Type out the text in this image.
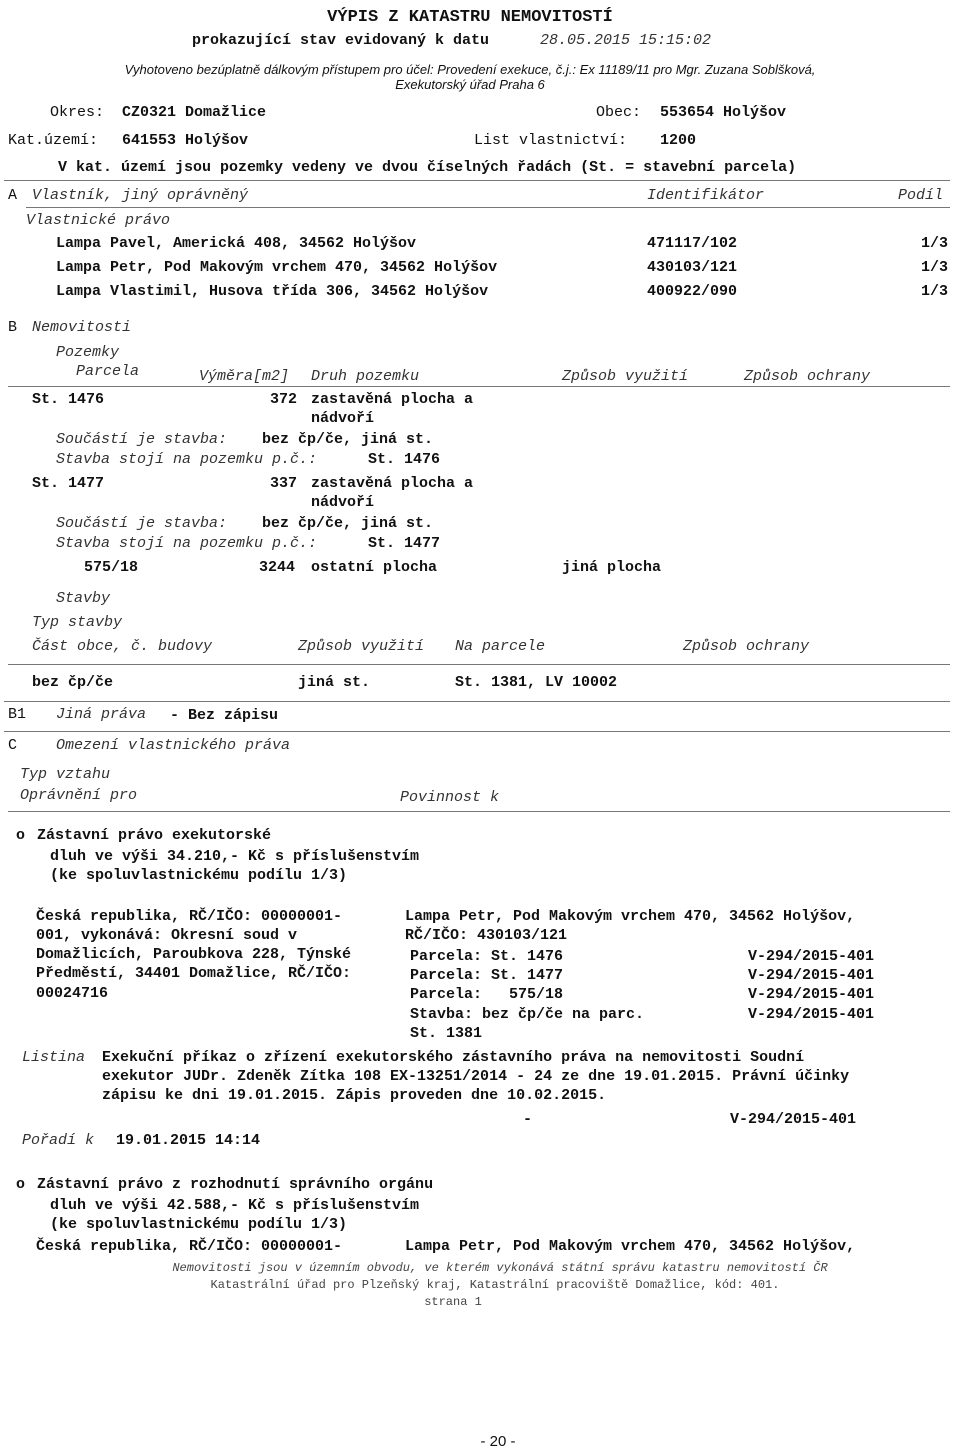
VÝPIS Z KATASTRU NEMOVITOSTÍ
prokazující stav evidovaný k datu	28.05.2015 15:15:02
Vyhotoveno bezúplatně dálkovým přístupem pro účel: Provedení exekuce, č.j.: Ex 11189/11 pro Mgr. Zuzana Soblšková,
Exekutorský úřad Praha 6
Okres: CZ0321 Domažlice	Obec: 553654 Holýšov
Kat.území: 641553 Holýšov	List vlastnictví: 1200
V kat. území jsou pozemky vedeny ve dvou číselných řadách (St. = stavební parcela)
A Vlastník, jiný oprávněný	Identifikátor	Podíl
Vlastnické právo
Lampa Pavel, Americká 408, 34562 Holýšov	471117/102	1/3
Lampa Petr, Pod Makovým vrchem 470, 34562 Holýšov	430103/121	1/3
Lampa Vlastimil, Husova třída 306, 34562 Holýšov	400922/090	1/3
B Nemovitosti
Pozemky
Parcela	Výměra[m2] Druh pozemku	Způsob využití	Způsob ochrany
St. 1476	372 zastavěná plocha a
nádvoří
Součástí je stavba: bez čp/če, jiná st.
Stavba stojí na pozemku p.č.:	St. 1476
St. 1477	337 zastavěná plocha a
nádvoří
Součástí je stavba: bez čp/če, jiná st.
Stavba stojí na pozemku p.č.:	St. 1477
575/18	3244 ostatní plocha	jiná plocha
Stavby
Typ stavby
Část obce, č. budovy	Způsob využití Na parcele	Způsob ochrany
bez čp/če	jiná st.	St. 1381, LV 10002
B1 Jiná práva - Bez zápisu
C	Omezení vlastnického práva
Typ vztahu
Oprávnění pro	Povinnost k
o Zástavní právo exekutorské
dluh ve výši 34.210,- Kč s příslušenstvím
(ke spoluvlastnickému podílu 1/3)
Česká republika, RČ/IČO: 00000001-
001, vykonává: Okresní soud v
Domažlicích, Paroubkova 228, Týnské
Předměstí, 34401 Domažlice, RČ/IČO:
00024716
Lampa Petr, Pod Makovým vrchem 470, 34562 Holýšov,
RČ/IČO: 430103/121
Parcela: St. 1476	V-294/2015-401
Parcela: St. 1477	V-294/2015-401
Parcela:   575/18	V-294/2015-401
Stavba: bez čp/če na parc.	V-294/2015-401
St. 1381
Listina Exekuční příkaz o zřízení exekutorského zástavního práva na nemovitosti Soudní
exekutor JUDr. Zdeněk Zítka 108 EX-13251/2014 - 24 ze dne 19.01.2015. Právní účinky
zápisu ke dni 19.01.2015. Zápis proveden dne 10.02.2015.
-	V-294/2015-401
Pořadí k 19.01.2015 14:14
o Zástavní právo z rozhodnutí správního orgánu
dluh ve výši 42.588,- Kč s příslušenstvím
(ke spoluvlastnickému podílu 1/3)
Česká republika, RČ/IČO: 00000001-	Lampa Petr, Pod Makovým vrchem 470, 34562 Holýšov,
Nemovitosti jsou v územním obvodu, ve kterém vykonává státní správu katastru nemovitostí ČR
Katastrální úřad pro Plzeňský kraj, Katastrální pracoviště Domažlice, kód: 401.
strana 1
- 20 -
